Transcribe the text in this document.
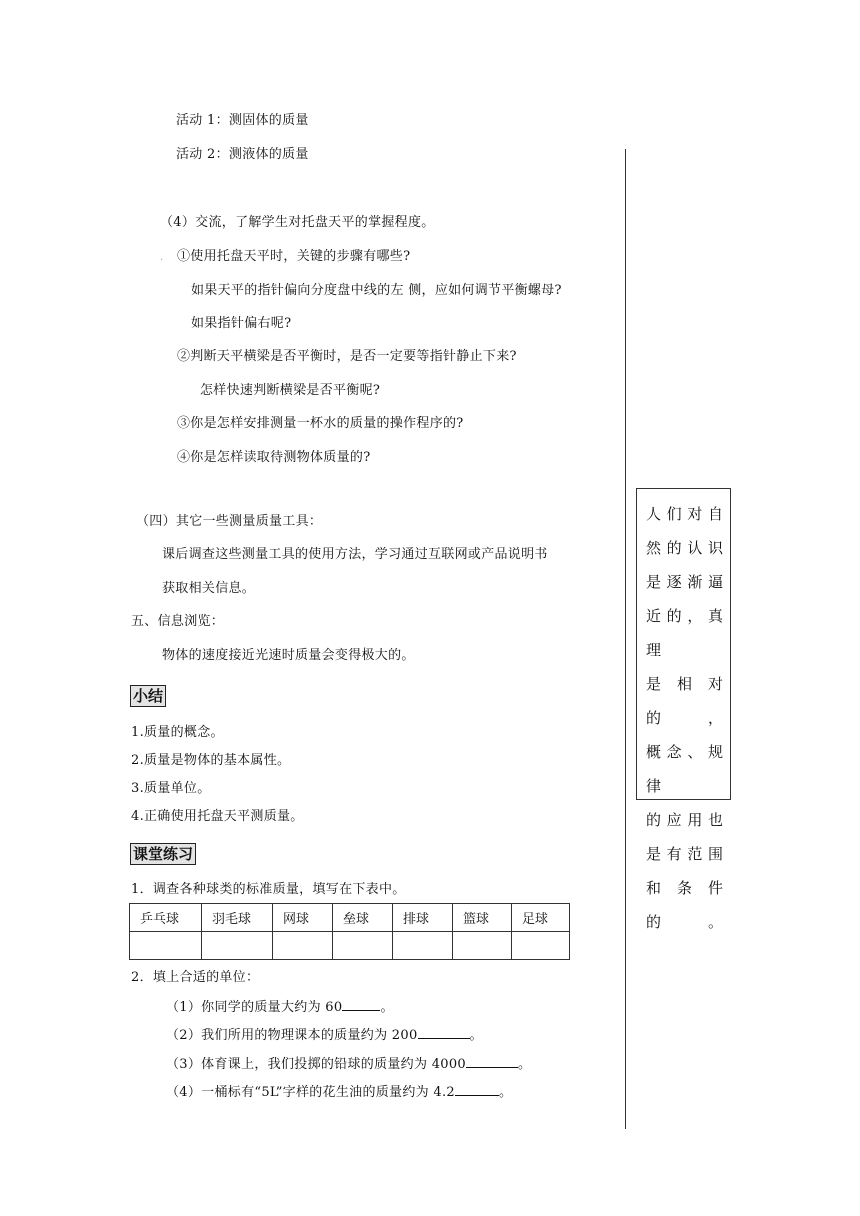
活动 1：测固体的质量
活动 2：测液体的质量
（4）交流，了解学生对托盘天平的掌握程度。
. ①使用托盘天平时，关键的步骤有哪些?
如果天平的指针偏向分度盘中线的左 侧，应如何调节平衡螺母?
如果指针偏右呢?
②判断天平横梁是否平衡时，是否一定要等指针静止下来?
怎样快速判断横梁是否平衡呢?
③你是怎样安排测量一杯水的质量的操作程序的?
④你是怎样读取待测物体质量的?
（四）其它一些测量质量工具：
课后调查这些测量工具的使用方法，学习通过互联网或产品说明书
获取相关信息。
五、信息浏览：
物体的速度接近光速时质量会变得极大的。
小结
1.质量的概念。
2.质量是物体的基本属性。
3.质量单位。
4.正确使用托盘天平测质量。
课堂练习
1．调查各种球类的标准质量，填写在下表中。
乒乓球	羽毛球	网球	垒球	排球	篮球	足球

2．填上合适的单位：
（1）你同学的质量大约为 60	。
（2）我们所用的物理课本的质量约为 200	。
（3）体育课上，我们投掷的铅球的质量约为 4000	。
（4）一桶标有“5L”字样的花生油的质量约为 4.2	。
人们对自
然的认识
是逐渐逼
近的，真理
是相对的，
概念、规律
的应用也
是有范围
和条件的。
